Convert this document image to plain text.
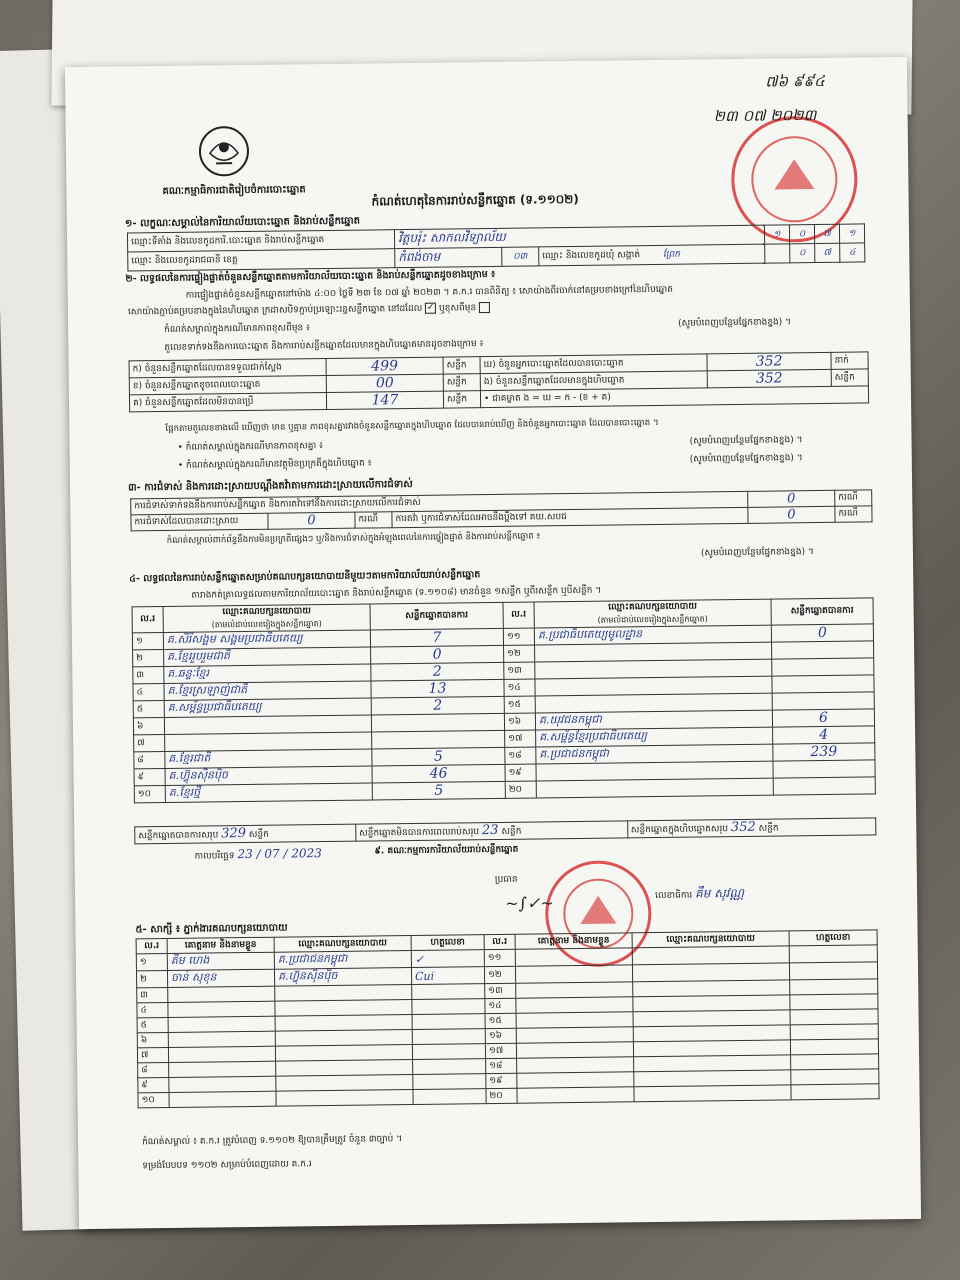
គណៈកម្មាធិការជាតិរៀបចំការបោះឆ្នោត
កំណត់ហេតុនៃការរាប់សន្លឹកឆ្នោត (ទ.១១០២)
៧៦ ៩៩៤
២៣ ០៧ ២០២៣
១- លក្ខណៈសម្គាល់នៃការិយាល័យបោះឆ្នោត និងរាប់សន្លឹកឆ្នោត
ឈ្មោះទីតាំង និងលេខកូដការិ.បោះឆ្នោត និងរាប់សន្លឹកឆ្នោត	វិត្តបរ៉ុះ សាកលវិទ្យាល័យ			១	០	៧	១
ឈ្មោះ និងលេខកូដរាជធានី ខេត្ត	កំពង់ចាម	០៣	ឈ្មោះ និងលេខកូដឃុំ សង្កាត់ ព្រែក		០	៧	៤
២- លទ្ធផលនៃការផ្ទៀងផ្ទាត់ចំនួនសន្លឹកឆ្នោតតាមការិយាល័យបោះឆ្នោត និងរាប់សន្លឹកឆ្នោតដូចខាងក្រោម ៖
ការផ្ទៀងផ្ទាត់ចំនួនសន្លឹកឆ្នោតនៅម៉ោង ៤:០០ ថ្ងៃទី ២៣ ខែ ០៧ ឆ្នាំ ២០២៣ ។ គ.ក.រ បានពិនិត្យ ៖ សោយ៉ាងពីរចាក់នៅគម្របខាងក្រៅនៃហិបឆ្នោត
សោយ៉ាងភ្ជាប់គម្របខាងក្នុងនៃហិបឆ្នោត ក្រដាសបិទភ្ជាប់ប្រឡោះរន្ធសន្លឹកឆ្នោត នៅដដែល ✓ ឬខុសពីមុន
កំណត់សម្គាល់ក្នុងករណីមានភាពខុសពីមុន ៖
(សូមបំពេញបន្ថែមផ្នែកខាងខ្នង) ។
តួលេខទាក់ទងនឹងការបោះឆ្នោត និងការរាប់សន្លឹកឆ្នោតដែលមានក្នុងហិបឆ្នោតមានដូចខាងក្រោម ៖
ក) ចំនួនសន្លឹកឆ្នោតដែលបានទទួលជាក់ស្តែង	499	សន្លឹក	ឃ) ចំនួនអ្នកបោះឆ្នោតដែលបានបោះឆ្នោត	352	នាក់
ខ) ចំនួនសន្លឹកឆ្នោតខូចពេលបោះឆ្នោត	00	សន្លឹក	ង) ចំនួនសន្លឹកឆ្នោតដែលមានក្នុងហិបឆ្នោត	352	សន្លឹក
គ) ចំនួនសន្លឹកឆ្នោតដែលមិនបានប្រើ	147	សន្លឹក	• ជាគម្លាត ង = ឃ = ក - (ខ + គ)		
ផ្អែកតាមតួលេខខាងលើ ឃើញថា មាន ឬគ្មាន ភាពខុសគ្នារវាងចំនួនសន្លឹកឆ្នោតក្នុងហិបឆ្នោត ដែលបានរាប់ឃើញ និងចំនួនអ្នកបោះឆ្នោត ដែលបានបោះឆ្នោត ។
• កំណត់សម្គាល់ក្នុងករណីមានភាពខុសគ្នា ៖
(សូមបំពេញបន្ថែមផ្នែកខាងខ្នង) ។
• កំណត់សម្គាល់ក្នុងករណីមានវត្ថុមិនប្រក្រតីក្នុងហិបឆ្នោត ៖	(សូមបំពេញបន្ថែមផ្នែកខាងខ្នង) ។
៣- ការជំទាស់ និងការដោះស្រាយបណ្តឹងតវ៉ាតាមការដោះស្រាយលើការជំទាស់
ការជំទាស់ទាក់ទងនឹងការរាប់សន្លឹកឆ្នោត និងការតវ៉ាទៅនឹងការដោះស្រាយលើការជំទាស់				0	ករណី
ការជំទាស់ដែលបានដោះស្រាយ	0	ករណី	ការតវ៉ា ឬការជំទាស់ដែលអាចនឹងប្តឹងទៅ គឃ.សបជ	0	ករណី
កំណត់សម្គាល់ពាក់ព័ន្ធនឹងការមិនប្រក្រតីផ្សេងៗ ឬ/និងការជំទាស់ក្នុងអំឡុងពេលនៃការផ្ទៀងផ្ទាត់ និងការរាប់សន្លឹកឆ្នោត ៖
(សូមបំពេញបន្ថែមផ្នែកខាងខ្នង) ។
៤- លទ្ធផលនៃការរាប់សន្លឹកឆ្នោតសម្រាប់គណបក្សនយោបាយនីមួយៗតាមការិយាល័យរាប់សន្លឹកឆ្នោត
តារាងកត់ត្រាលទ្ធផលតាមការិយាល័យបោះឆ្នោត និងរាប់សន្លឹកឆ្នោត (ទ.១១០៨) មានចំនួន ១សន្លឹក ឬពីរសន្លឹក ឬបីសន្លឹក ។
ល.រ	ឈ្មោះគណបក្សនយោបាយ
(តាមលំដាប់លេខរៀងក្នុងសន្លឹកឆ្នោត)	សន្លឹកឆ្នោតបានការ	ល.រ	ឈ្មោះគណបក្សនយោបាយ
(តាមលំដាប់លេខរៀងក្នុងសន្លឹកឆ្នោត)	សន្លឹកឆ្នោតបានការ
១	គ.សិរីសង្គម សង្គមប្រជាធិបតេយ្យ	7	១១	គ.ប្រជាធិបតេយ្យមូលដ្ឋាន	0
២	គ.ខ្មែររួបរួមជាតិ	0	១២		
៣	គ.ឆន្ទៈខ្មែរ	2	១៣		
៤	គ.ខ្មែរស្រឡាញ់ជាតិ	13	១៤		
៥	គ.សម្ព័ន្ធប្រជាធិបតេយ្យ	2	១៥		
៦			១៦	គ.យុវជនកម្ពុជា	6
៧			១៧	គ.សម្ព័ន្ធខ្មែរប្រជាធិបតេយ្យ	4
៨	គ.ខ្មែរជាតិ	5	១៨	គ.ប្រជាជនកម្ពុជា	239
៩	គ.ហ៊្វុនស៊ិនប៉ិច	46	១៩		
១០	គ.ខ្មែរថ្មី	5	២០		
សន្លឹកឆ្នោតបានការសរុប 329 សន្លឹក	សន្លឹកឆ្នោតមិនបានការពេលរាប់សរុប 23 សន្លឹក	សន្លឹកឆ្នោតក្នុងហិបឆ្នោតសរុប 352 សន្លឹក
កាលបរិច្ឆេទ 23 / 07 / 2023	៩. គណៈកម្មការការិយាល័យរាប់សន្លឹកឆ្នោត
ប្រធាន
~∫✓~	លេខាធិការ គឹម សុវណ្ណ
៥- សាក្សី ៖ ភ្នាក់ងារគណបក្សនយោបាយ
ល.រ	គោត្តនាម និងនាមខ្លួន	ឈ្មោះគណបក្សនយោបាយ	ហត្ថលេខា	ល.រ	គោត្តនាម និងនាមខ្លួន	ឈ្មោះគណបក្សនយោបាយ	ហត្ថលេខា
១	គឹម ហេង	គ.ប្រជាជនកម្ពុជា	✓	១១			
២	ចាន់ សុខុន	គ.ហ៊្វុនស៊ិនប៉ិច	Cui	១២			
៣				១៣			
៤				១៤			
៥				១៥			
៦				១៦			
៧				១៧			
៨				១៨			
៩				១៩			
១០				២០			
កំណត់សម្គាល់ ៖ គ.ក.រ ត្រូវបំពេញ ទ.១១០២ ឱ្យបានត្រឹមត្រូវ ចំនួន ៣ច្បាប់ ។
ទម្រង់បែបបទ ១១០២ សម្រាប់បំពេញដោយ គ.ក.រ
